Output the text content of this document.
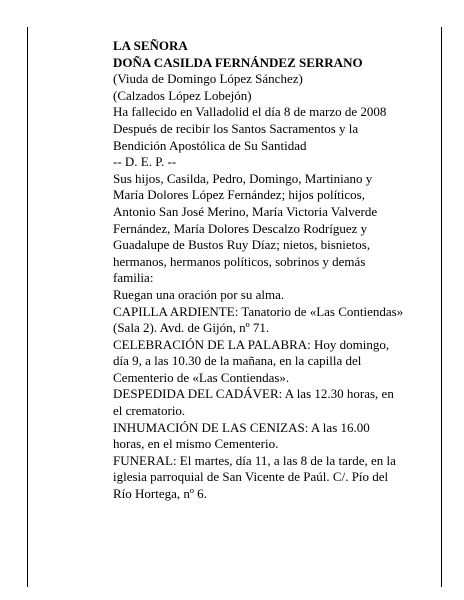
LA SEÑORA

DOÑA CASILDA FERNÁNDEZ SERRANO

(Viuda de Domingo López Sánchez)

(Calzados López Lobejón)

Ha fallecido en Valladolid el día 8 de marzo de 2008

Después de recibir los Santos Sacramentos y la

Bendición Apostólica de Su Santidad

-- D. E. P. --

Sus hijos, Casilda, Pedro, Domingo, Martiniano y

María Dolores López Fernández; hijos políticos,

Antonio San José Merino, María Victoria Valverde

Fernández, María Dolores Descalzo Rodríguez y

Guadalupe de Bustos Ruy Díaz; nietos, bisnietos,

hermanos, hermanos políticos, sobrinos y demás

familia:

Ruegan una oración por su alma.

CAPILLA ARDIENTE: Tanatorio de «Las Contiendas»

(Sala 2). Avd. de Gijón, nº 71.

CELEBRACIÓN DE LA PALABRA: Hoy domingo,

día 9, a las 10.30 de la mañana, en la capilla del

Cementerio de «Las Contiendas».

DESPEDIDA DEL CADÁVER: A las 12.30 horas, en

el crematorio.

INHUMACIÓN DE LAS CENIZAS: A las 16.00

horas, en el mismo Cementerio.

FUNERAL: El martes, día 11, a las 8 de la tarde, en la

iglesia parroquial de San Vicente de Paúl. C/. Pío del

Río Hortega, nº 6.
